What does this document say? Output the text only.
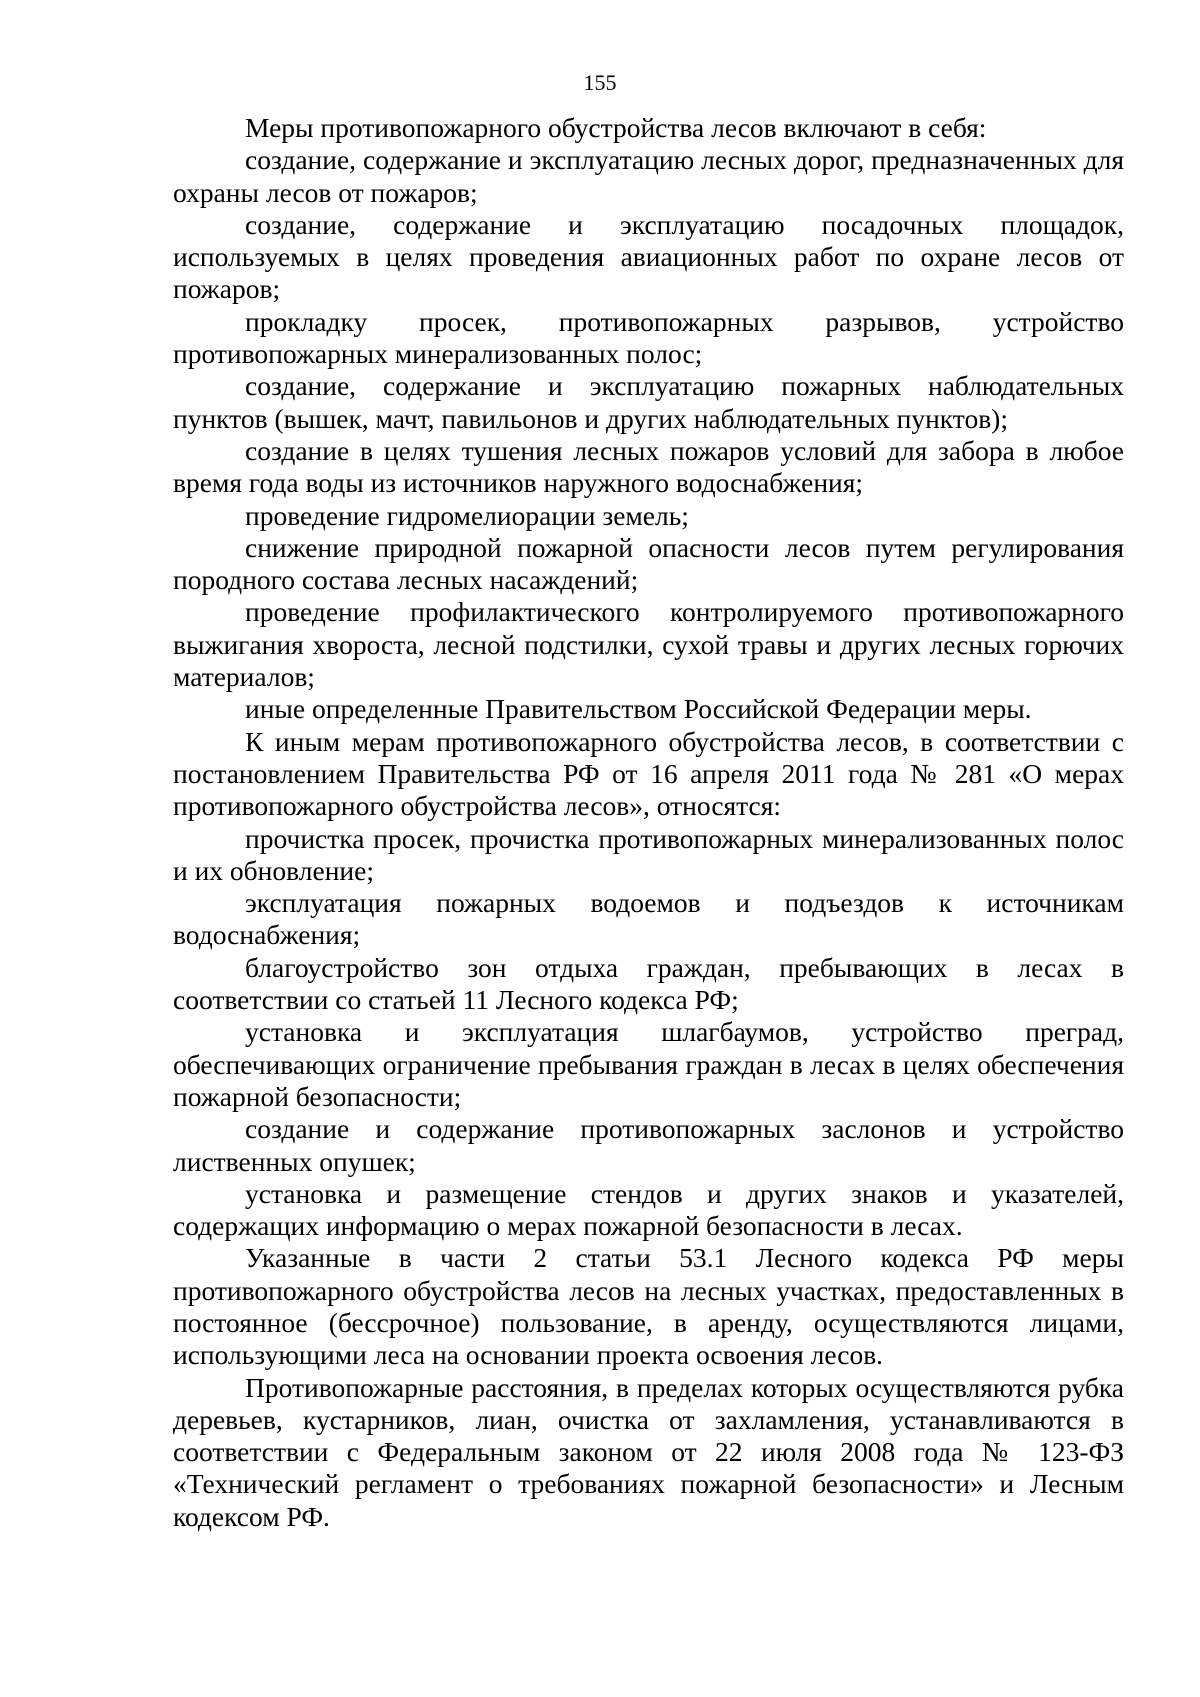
155

Меры противопожарного обустройства лесов включают в себя:

создание, содержание и эксплуатацию лесных дорог, предназначенных для охраны лесов от пожаров;

создание, содержание и эксплуатацию посадочных площадок, используемых в целях проведения авиационных работ по охране лесов от пожаров;

прокладку просек, противопожарных разрывов, устройство противопожарных минерализованных полос;

создание, содержание и эксплуатацию пожарных наблюдательных пунктов (вышек, мачт, павильонов и других наблюдательных пунктов);

создание в целях тушения лесных пожаров условий для забора в любое время года воды из источников наружного водоснабжения;

проведение гидромелиорации земель;

снижение природной пожарной опасности лесов путем регулирования породного состава лесных насаждений;

проведение профилактического контролируемого противопожарного выжигания хвороста, лесной подстилки, сухой травы и других лесных горючих материалов;

иные определенные Правительством Российской Федерации меры.

К иным мерам противопожарного обустройства лесов, в соответствии с постановлением Правительства РФ от 16 апреля 2011 года № 281 «О мерах противопожарного обустройства лесов», относятся:

прочистка просек, прочистка противопожарных минерализованных полос и их обновление;

эксплуатация пожарных водоемов и подъездов к источникам водоснабжения;

благоустройство зон отдыха граждан, пребывающих в лесах в соответствии со статьей 11 Лесного кодекса РФ;

установка и эксплуатация шлагбаумов, устройство преград, обеспечивающих ограничение пребывания граждан в лесах в целях обеспечения пожарной безопасности;

создание и содержание противопожарных заслонов и устройство лиственных опушек;

установка и размещение стендов и других знаков и указателей, содержащих информацию о мерах пожарной безопасности в лесах.

Указанные в части 2 статьи 53.1 Лесного кодекса РФ меры противопожарного обустройства лесов на лесных участках, предоставленных в постоянное (бессрочное) пользование, в аренду, осуществляются лицами, использующими леса на основании проекта освоения лесов.

Противопожарные расстояния, в пределах которых осуществляются рубка деревьев, кустарников, лиан, очистка от захламления, устанавливаются в соответствии с Федеральным законом от 22 июля 2008 года № 123-ФЗ «Технический регламент о требованиях пожарной безопасности» и Лесным кодексом РФ.
